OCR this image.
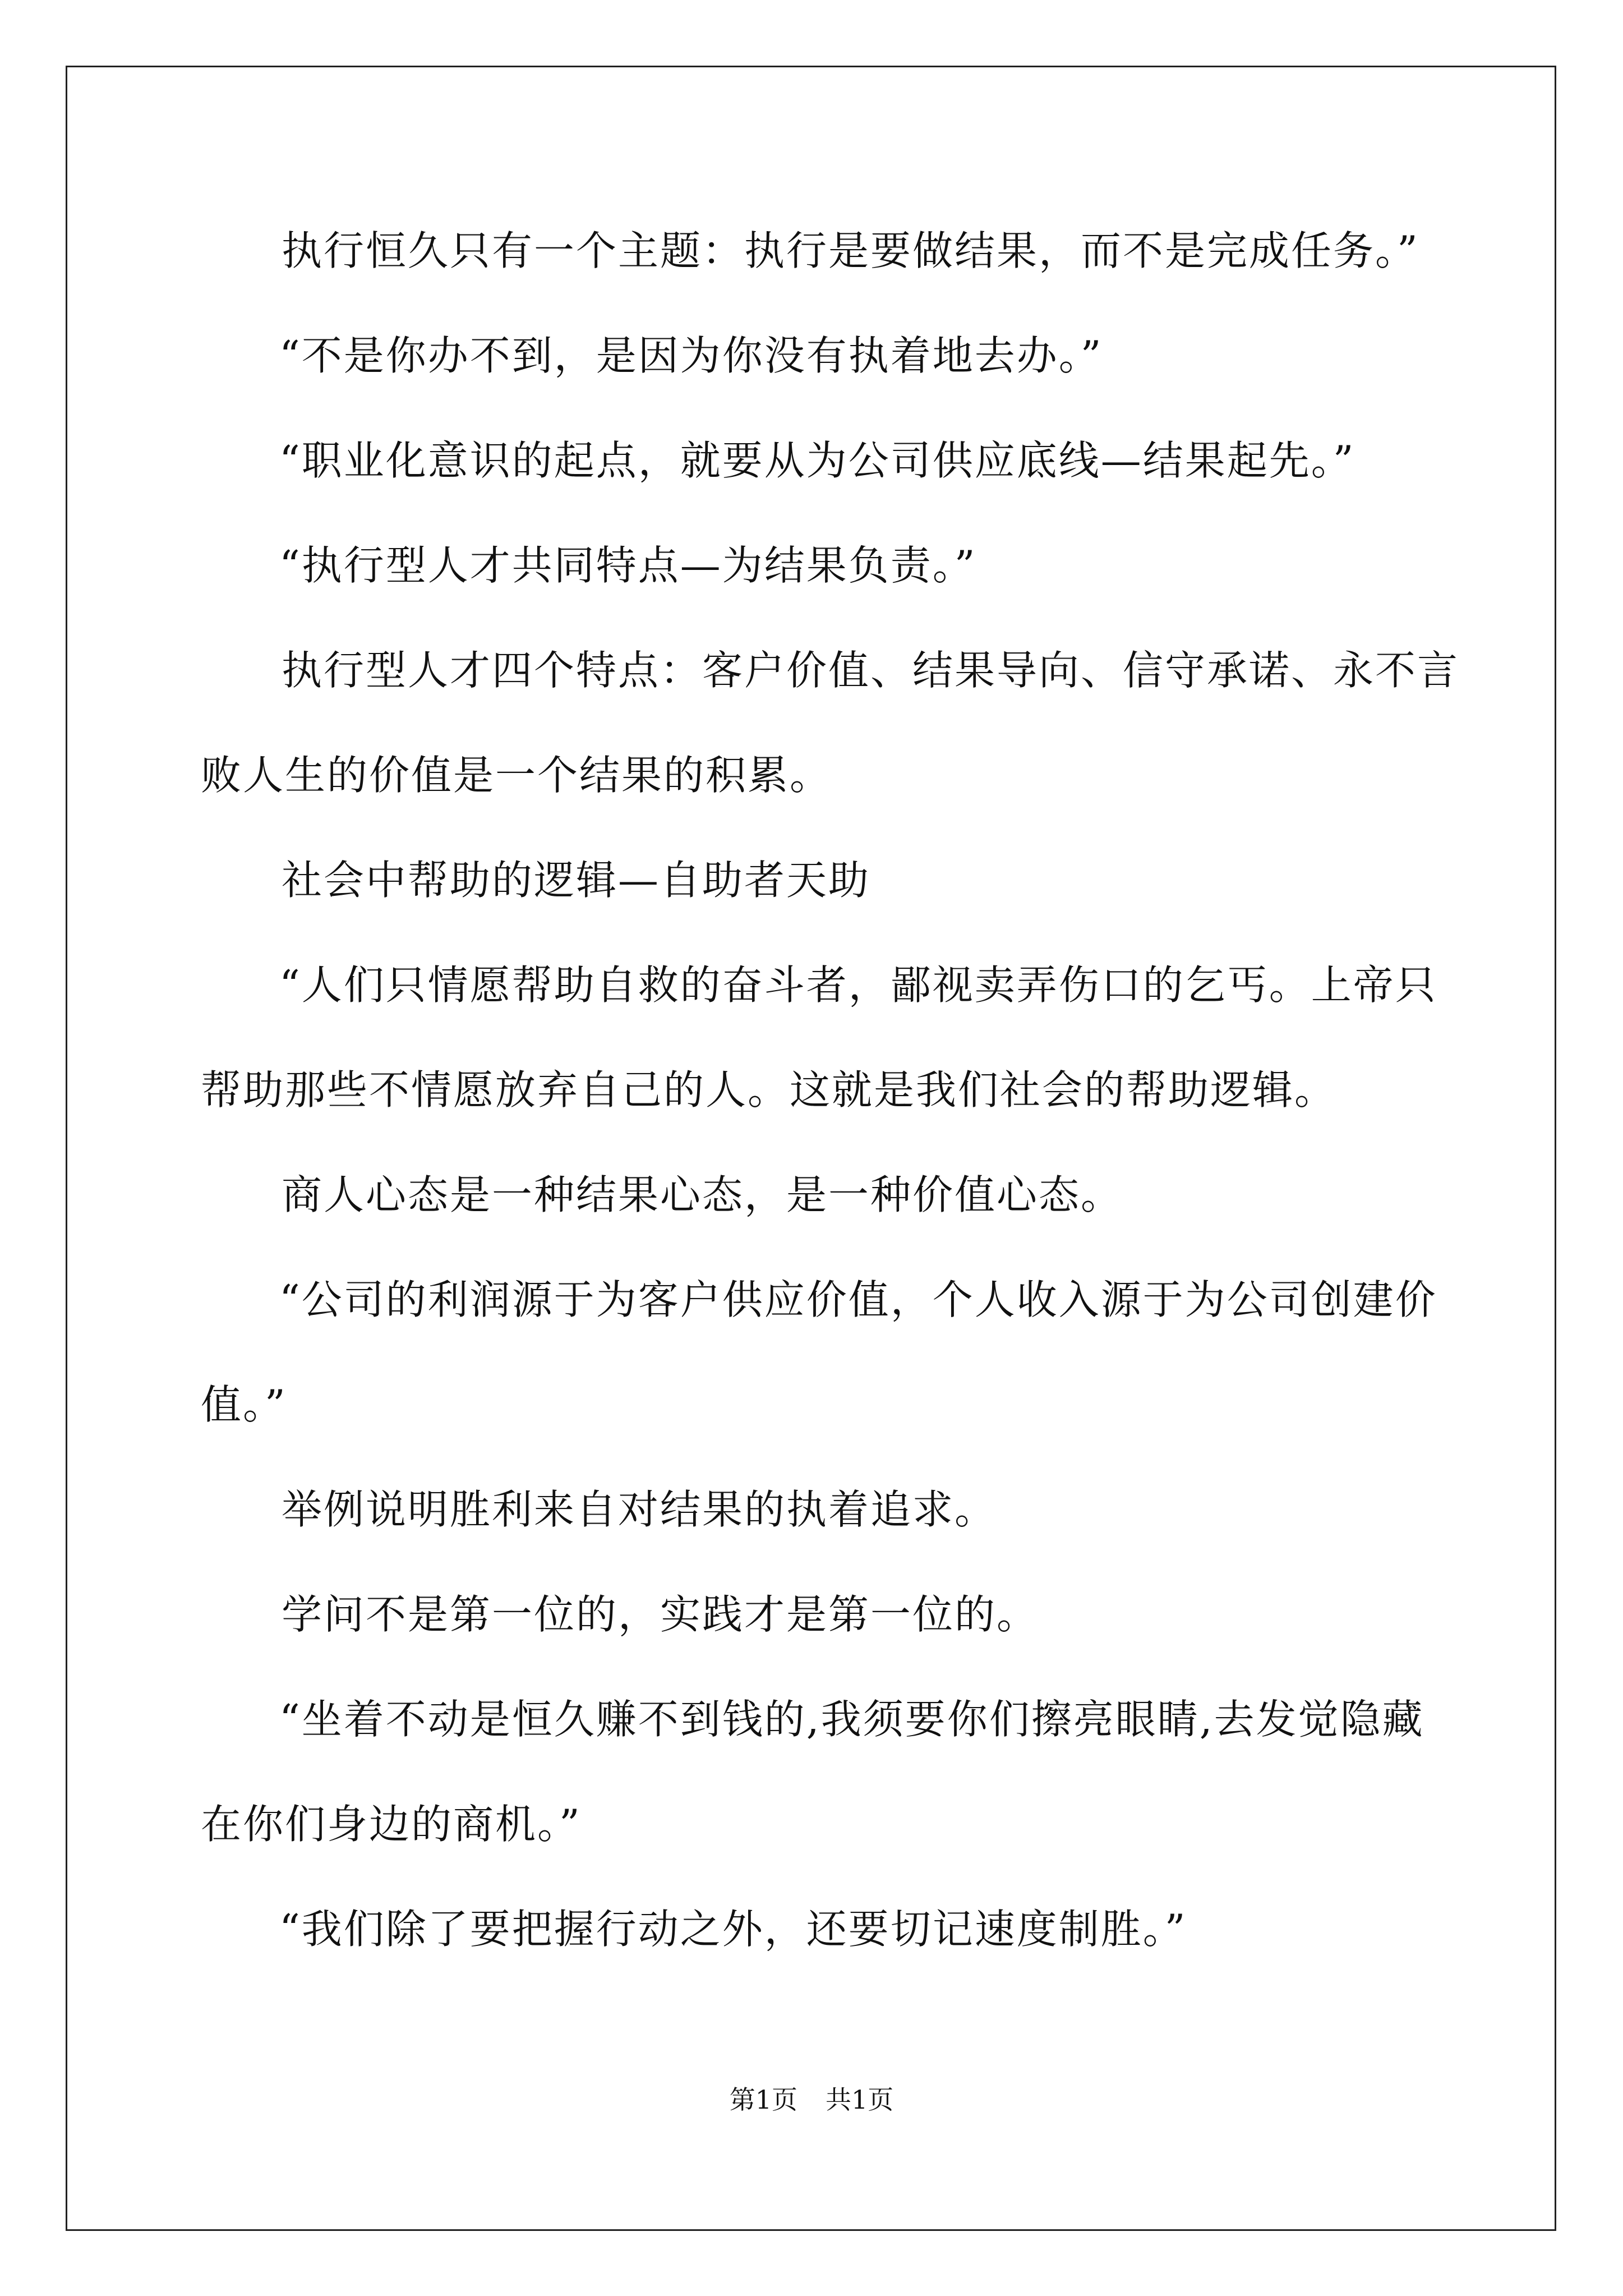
执行恒久只有一个主题：执行是要做结果，而不是完成任务。”

“不是你办不到，是因为你没有执着地去办。”

“职业化意识的起点，就要从为公司供应底线—结果起先。”

“执行型人才共同特点—为结果负责。”

执行型人才四个特点：客户价值、结果导向、信守承诺、永不言

败人生的价值是一个结果的积累。

社会中帮助的逻辑—自助者天助

“人们只情愿帮助自救的奋斗者，鄙视卖弄伤口的乞丐。上帝只

帮助那些不情愿放弃自己的人。这就是我们社会的帮助逻辑。

商人心态是一种结果心态，是一种价值心态。

“公司的利润源于为客户供应价值，个人收入源于为公司创建价

值。”

举例说明胜利来自对结果的执着追求。

学问不是第一位的，实践才是第一位的。

“坐着不动是恒久赚不到钱的,我须要你们擦亮眼睛,去发觉隐藏

在你们身边的商机。”

“我们除了要把握行动之外，还要切记速度制胜。”

第1页 共1页
